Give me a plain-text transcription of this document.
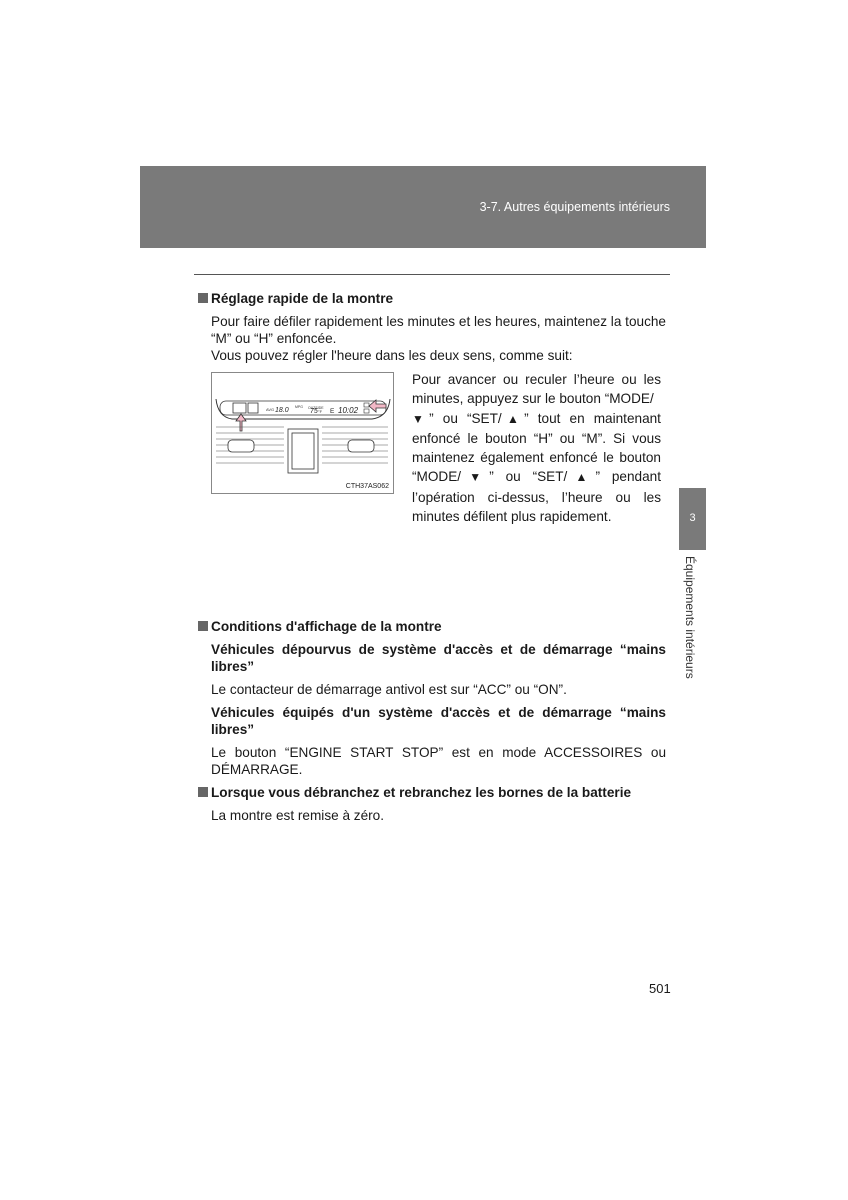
3-7. Autres équipements intérieurs

Réglage rapide de la montre

Pour faire défiler rapidement les minutes et les heures, maintenez la touche “M” ou “H” enfoncée.

Vous pouvez régler l'heure dans les deux sens, comme suit:

AVG 18.0 MPG OUTSIDE
75 °F E 10:02
CTH37AS062
Pour avancer ou reculer l’heure ou les minutes, appuyez sur le bouton “MODE/
▼” ou “SET/▲” tout en maintenant enfoncé le bouton “H” ou “M”. Si vous maintenez également enfoncé le bouton “MODE/▼” ou “SET/▲” pendant l’opération ci-dessus, l’heure ou les minutes défilent plus rapidement.

Conditions d'affichage de la montre

Véhicules dépourvus de système d'accès et de démarrage “mains libres”

Le contacteur de démarrage antivol est sur “ACC” ou “ON”.

Véhicules équipés d'un système d'accès et de démarrage “mains libres”

Le bouton “ENGINE START STOP” est en mode ACCESSOIRES ou DÉMARRAGE.

Lorsque vous débranchez et rebranchez les bornes de la batterie

La montre est remise à zéro.

3
Équipements intérieurs
501
